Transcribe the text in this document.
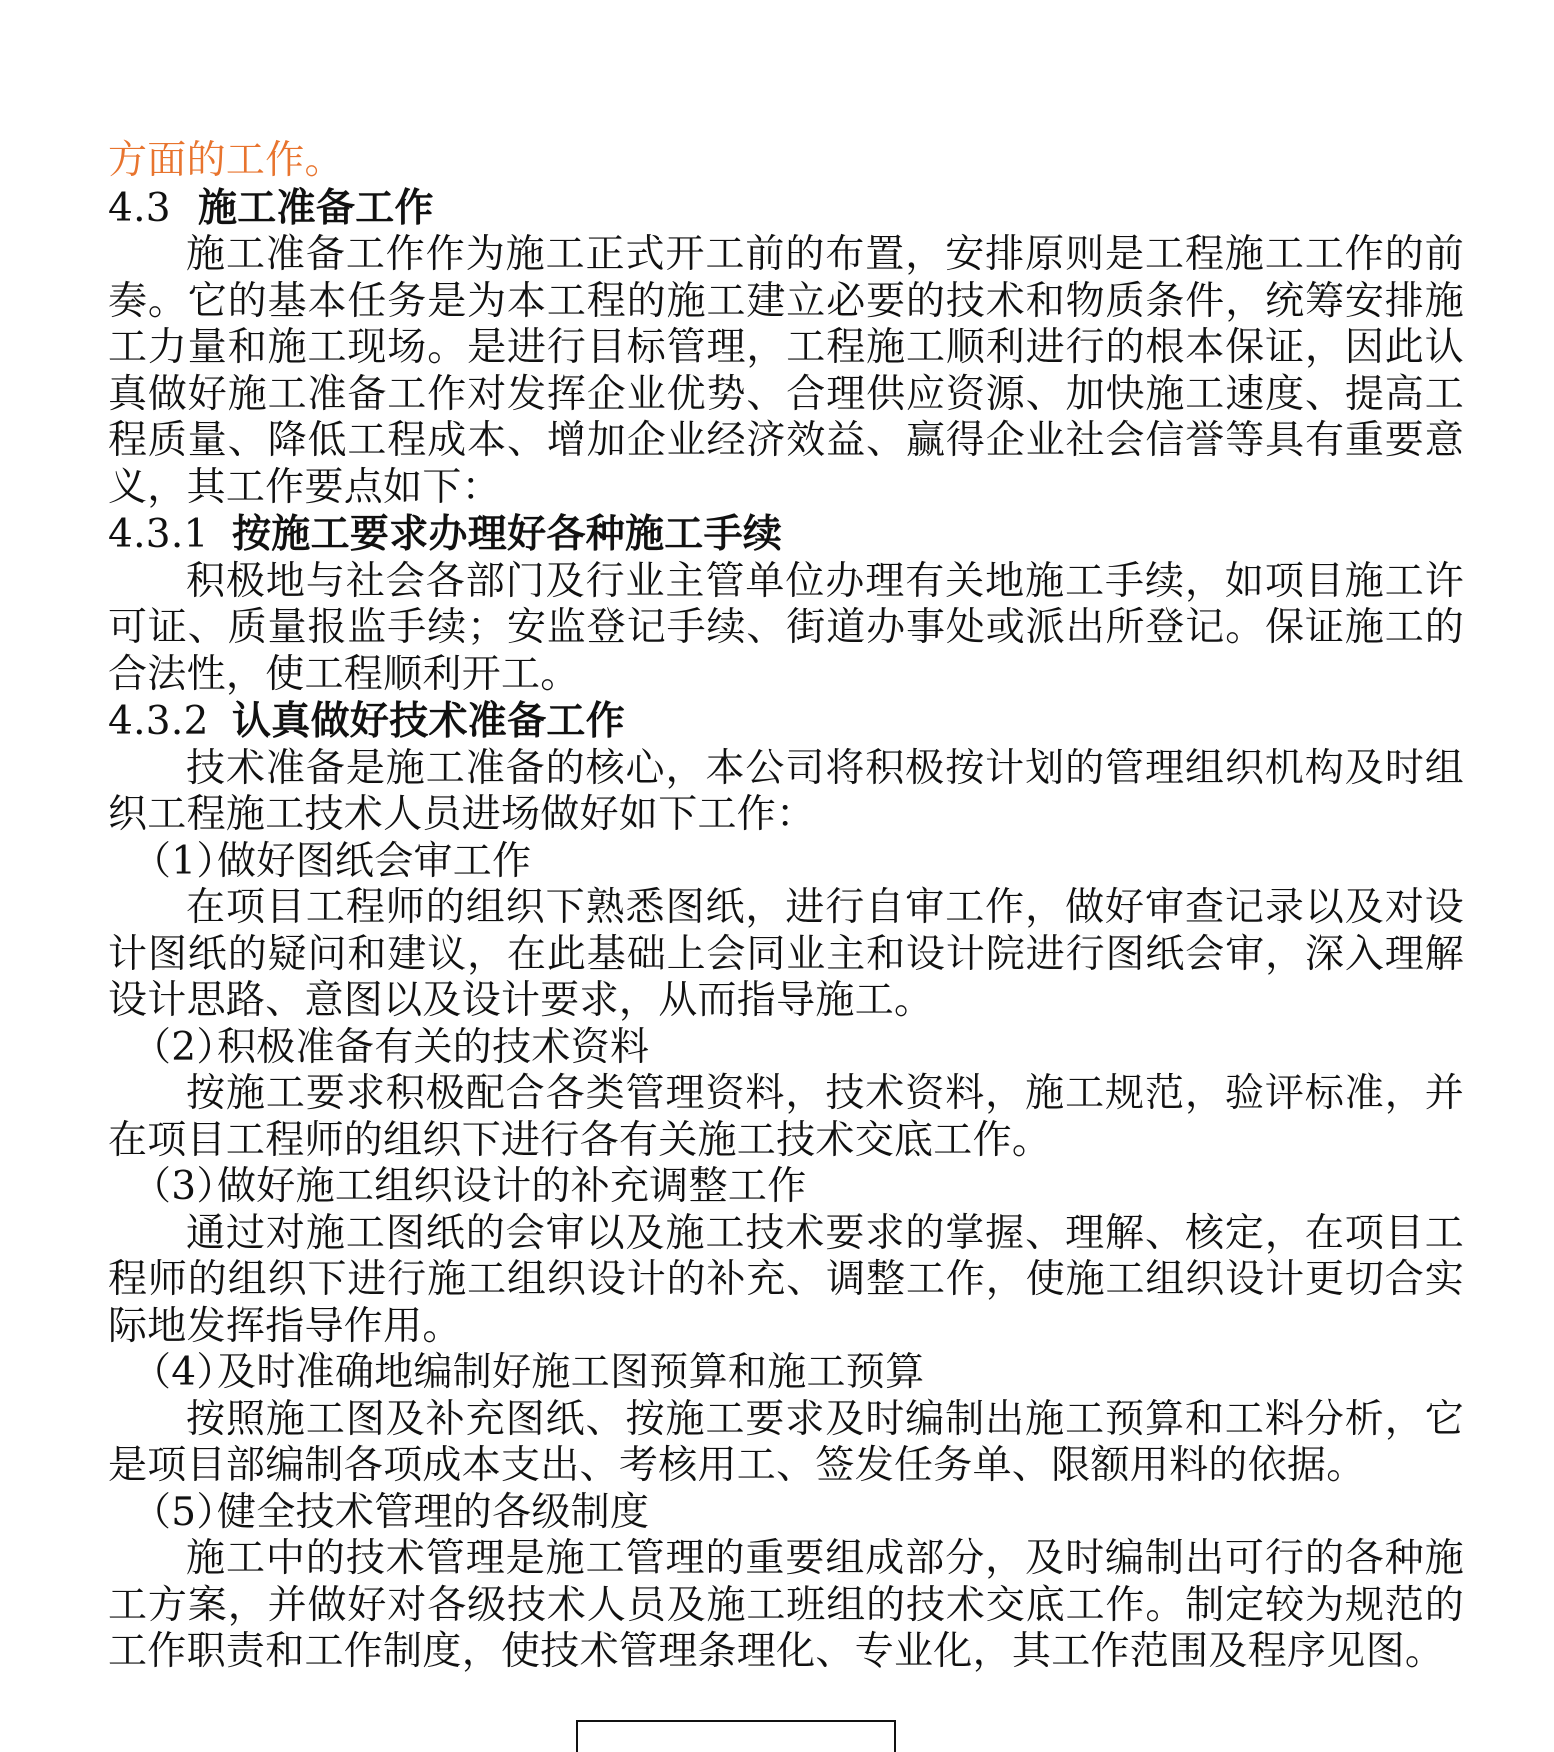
方面的工作。
4.3 施工准备工作
施工准备工作作为施工正式开工前的布置，安排原则是工程施工工作的前奏。它的基本任务是为本工程的施工建立必要的技术和物质条件，统筹安排施工力量和施工现场。是进行目标管理，工程施工顺利进行的根本保证，因此认真做好施工准备工作对发挥企业优势、合理供应资源、加快施工速度、提高工程质量、降低工程成本、增加企业经济效益、赢得企业社会信誉等具有重要意义，其工作要点如下：
4.3.1 按施工要求办理好各种施工手续
积极地与社会各部门及行业主管单位办理有关地施工手续，如项目施工许可证、质量报监手续；安监登记手续、街道办事处或派出所登记。保证施工的合法性，使工程顺利开工。
4.3.2 认真做好技术准备工作
技术准备是施工准备的核心，本公司将积极按计划的管理组织机构及时组织工程施工技术人员进场做好如下工作：
（1）做好图纸会审工作
在项目工程师的组织下熟悉图纸，进行自审工作，做好审查记录以及对设计图纸的疑问和建议，在此基础上会同业主和设计院进行图纸会审，深入理解设计思路、意图以及设计要求，从而指导施工。
（2）积极准备有关的技术资料
按施工要求积极配合各类管理资料，技术资料，施工规范，验评标准，并在项目工程师的组织下进行各有关施工技术交底工作。
（3）做好施工组织设计的补充调整工作
通过对施工图纸的会审以及施工技术要求的掌握、理解、核定，在项目工程师的组织下进行施工组织设计的补充、调整工作，使施工组织设计更切合实际地发挥指导作用。
（4）及时准确地编制好施工图预算和施工预算
按照施工图及补充图纸、按施工要求及时编制出施工预算和工料分析，它是项目部编制各项成本支出、考核用工、签发任务单、限额用料的依据。
（5）健全技术管理的各级制度
施工中的技术管理是施工管理的重要组成部分，及时编制出可行的各种施工方案，并做好对各级技术人员及施工班组的技术交底工作。制定较为规范的工作职责和工作制度，使技术管理条理化、专业化，其工作范围及程序见图。
